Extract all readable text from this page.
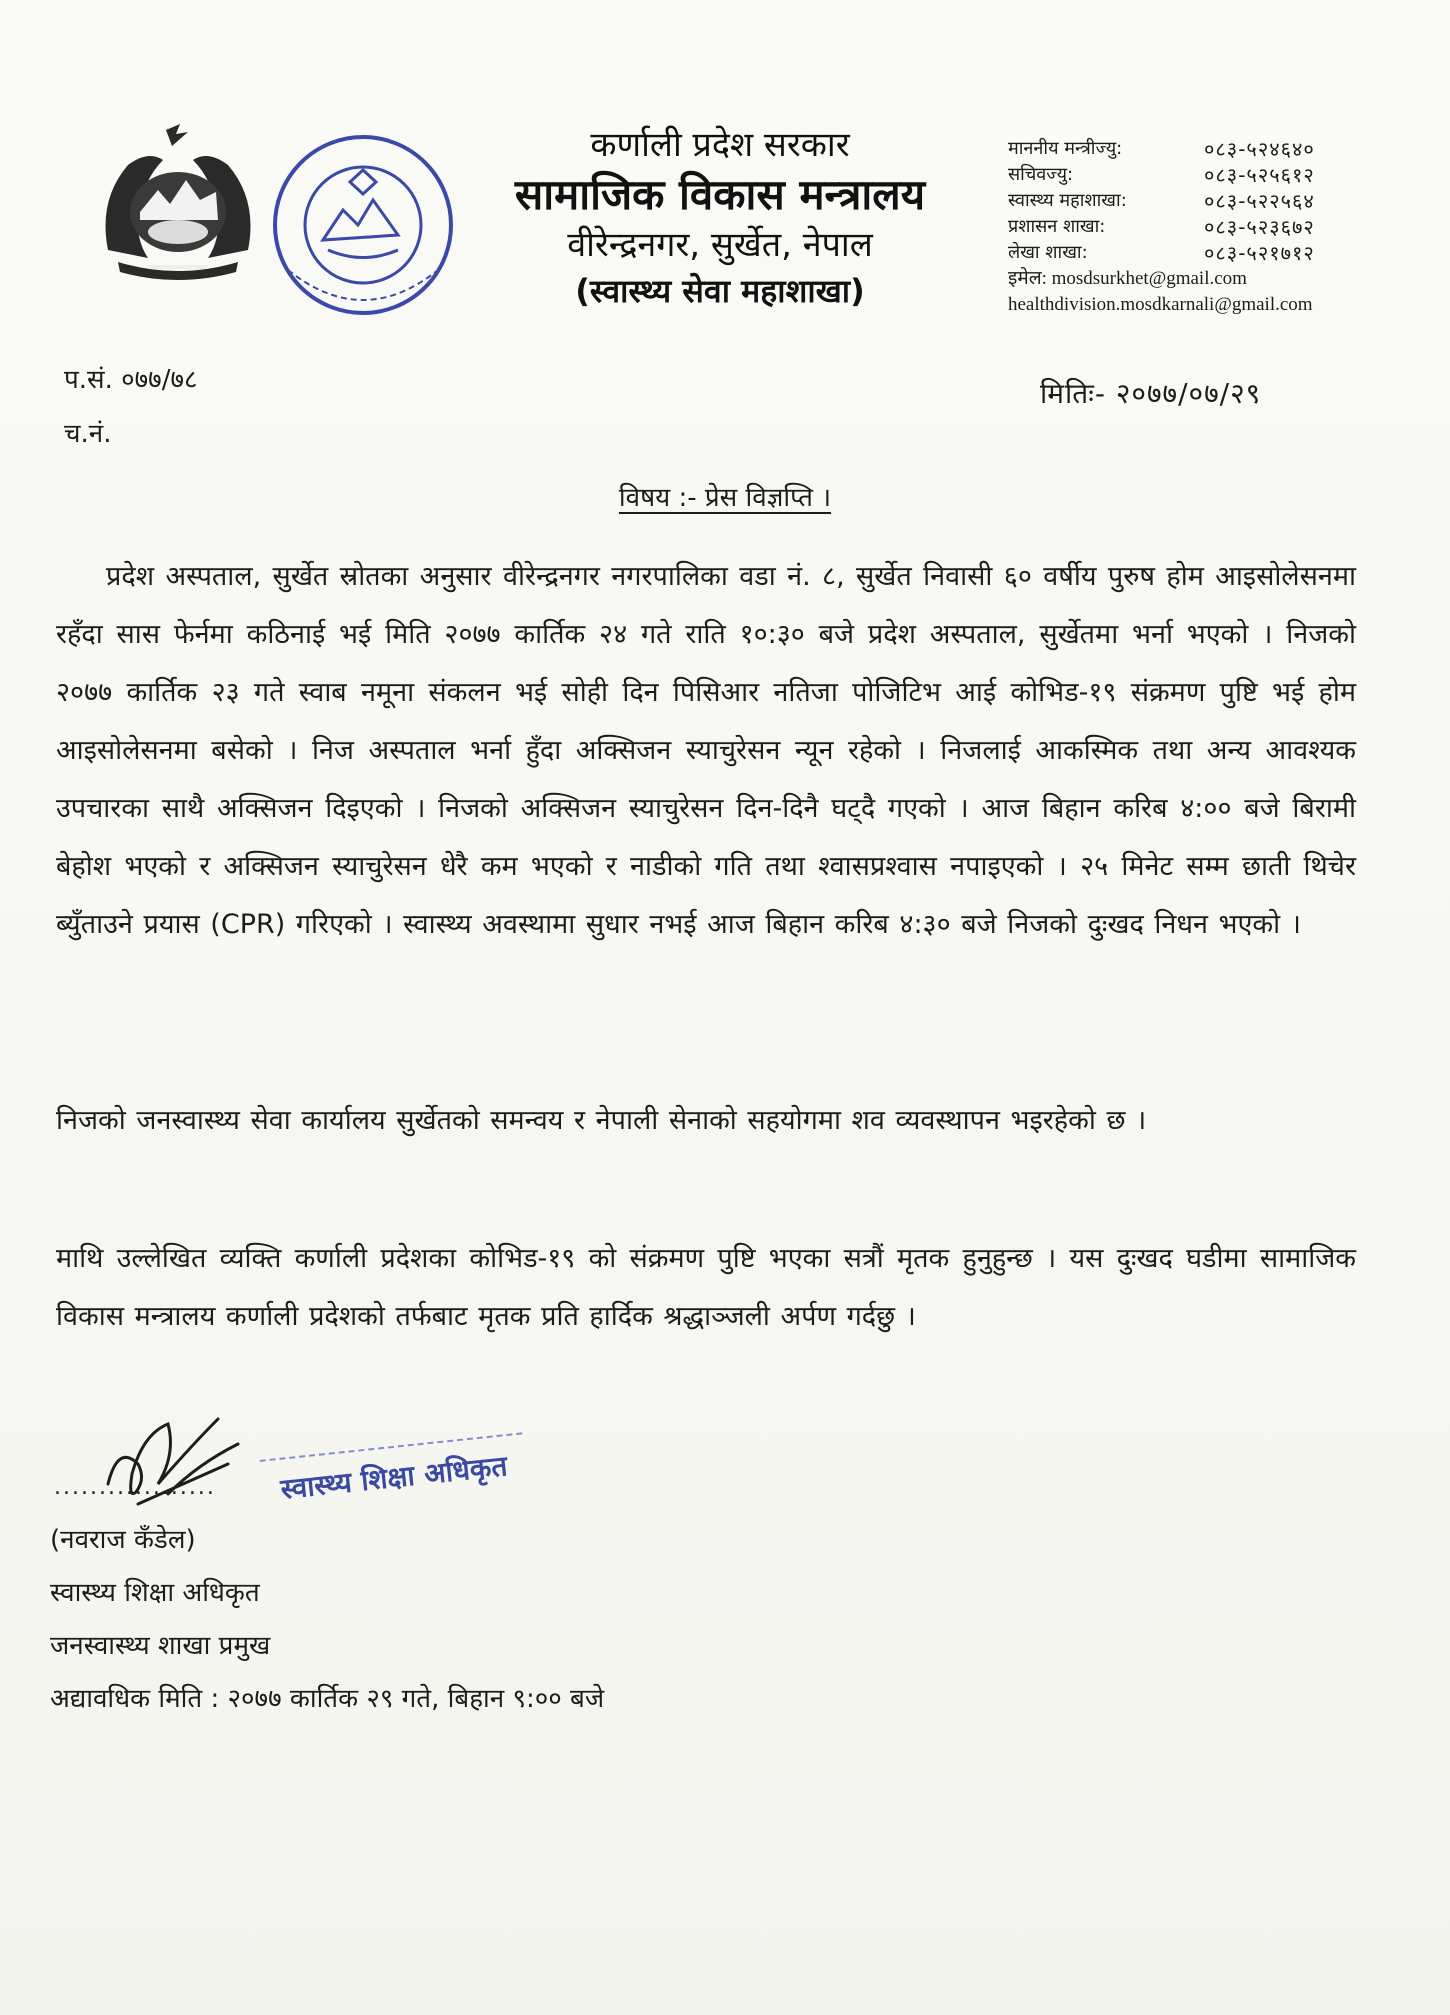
कर्णाली प्रदेश सरकार
सामाजिक विकास मन्त्रालय
वीरेन्द्रनगर, सुर्खेत, नेपाल
(स्वास्थ्य सेवा महाशाखा)
माननीय मन्त्रीज्यु:	०८३-५२४६४०
सचिवज्यु:	०८३-५२५६१२
स्वास्थ्य महाशाखा:	०८३-५२२५६४
प्रशासन शाखा:	०८३-५२३६७२
लेखा शाखा:	०८३-५२१७१२
इमेल: mosdsurkhet@gmail.com
healthdivision.mosdkarnali@gmail.com
प.सं. ०७७/७८
च.नं.
मितिः- २०७७/०७/२९
विषय :- प्रेस विज्ञप्ति ।
प्रदेश अस्पताल, सुर्खेत स्रोतका अनुसार वीरेन्द्रनगर नगरपालिका वडा नं. ८, सुर्खेत निवासी ६० वर्षीय पुरुष होम आइसोलेसनमा रहँदा सास फेर्नमा कठिनाई भई मिति २०७७ कार्तिक २४ गते राति १०:३० बजे प्रदेश अस्पताल, सुर्खेतमा भर्ना भएको । निजको २०७७ कार्तिक २३ गते स्वाब नमूना संकलन भई सोही दिन पिसिआर नतिजा पोजिटिभ आई कोभिड-१९ संक्रमण पुष्टि भई होम आइसोलेसनमा बसेको । निज अस्पताल भर्ना हुँदा अक्सिजन स्याचुरेसन न्यून रहेको । निजलाई आकस्मिक तथा अन्य आवश्यक उपचारका साथै अक्सिजन दिइएको । निजको अक्सिजन स्याचुरेसन दिन-दिनै घट्दै गएको । आज बिहान करिब ४:०० बजे बिरामी बेहोश भएको र अक्सिजन स्याचुरेसन धेरै कम भएको र नाडीको गति तथा श्वासप्रश्वास नपाइएको । २५ मिनेट सम्म छाती थिचेर ब्युँताउने प्रयास (CPR) गरिएको । स्वास्थ्य अवस्थामा सुधार नभई आज बिहान करिब ४:३० बजे निजको दुःखद निधन भएको ।
निजको जनस्वास्थ्य सेवा कार्यालय सुर्खेतको समन्वय र नेपाली सेनाको सहयोगमा शव व्यवस्थापन भइरहेको छ ।
माथि उल्लेखित व्यक्ति कर्णाली प्रदेशका कोभिड-१९ को संक्रमण पुष्टि भएका सत्रौं मृतक हुनुहुन्छ । यस दुःखद घडीमा सामाजिक विकास मन्त्रालय कर्णाली प्रदेशको तर्फबाट मृतक प्रति हार्दिक श्रद्धाञ्जली अर्पण गर्दछु ।
..................	स्वास्थ्य शिक्षा अधिकृत
(नवराज कँडेल)
स्वास्थ्य शिक्षा अधिकृत
जनस्वास्थ्य शाखा प्रमुख
अद्यावधिक मिति : २०७७ कार्तिक २९ गते, बिहान ९:०० बजे
